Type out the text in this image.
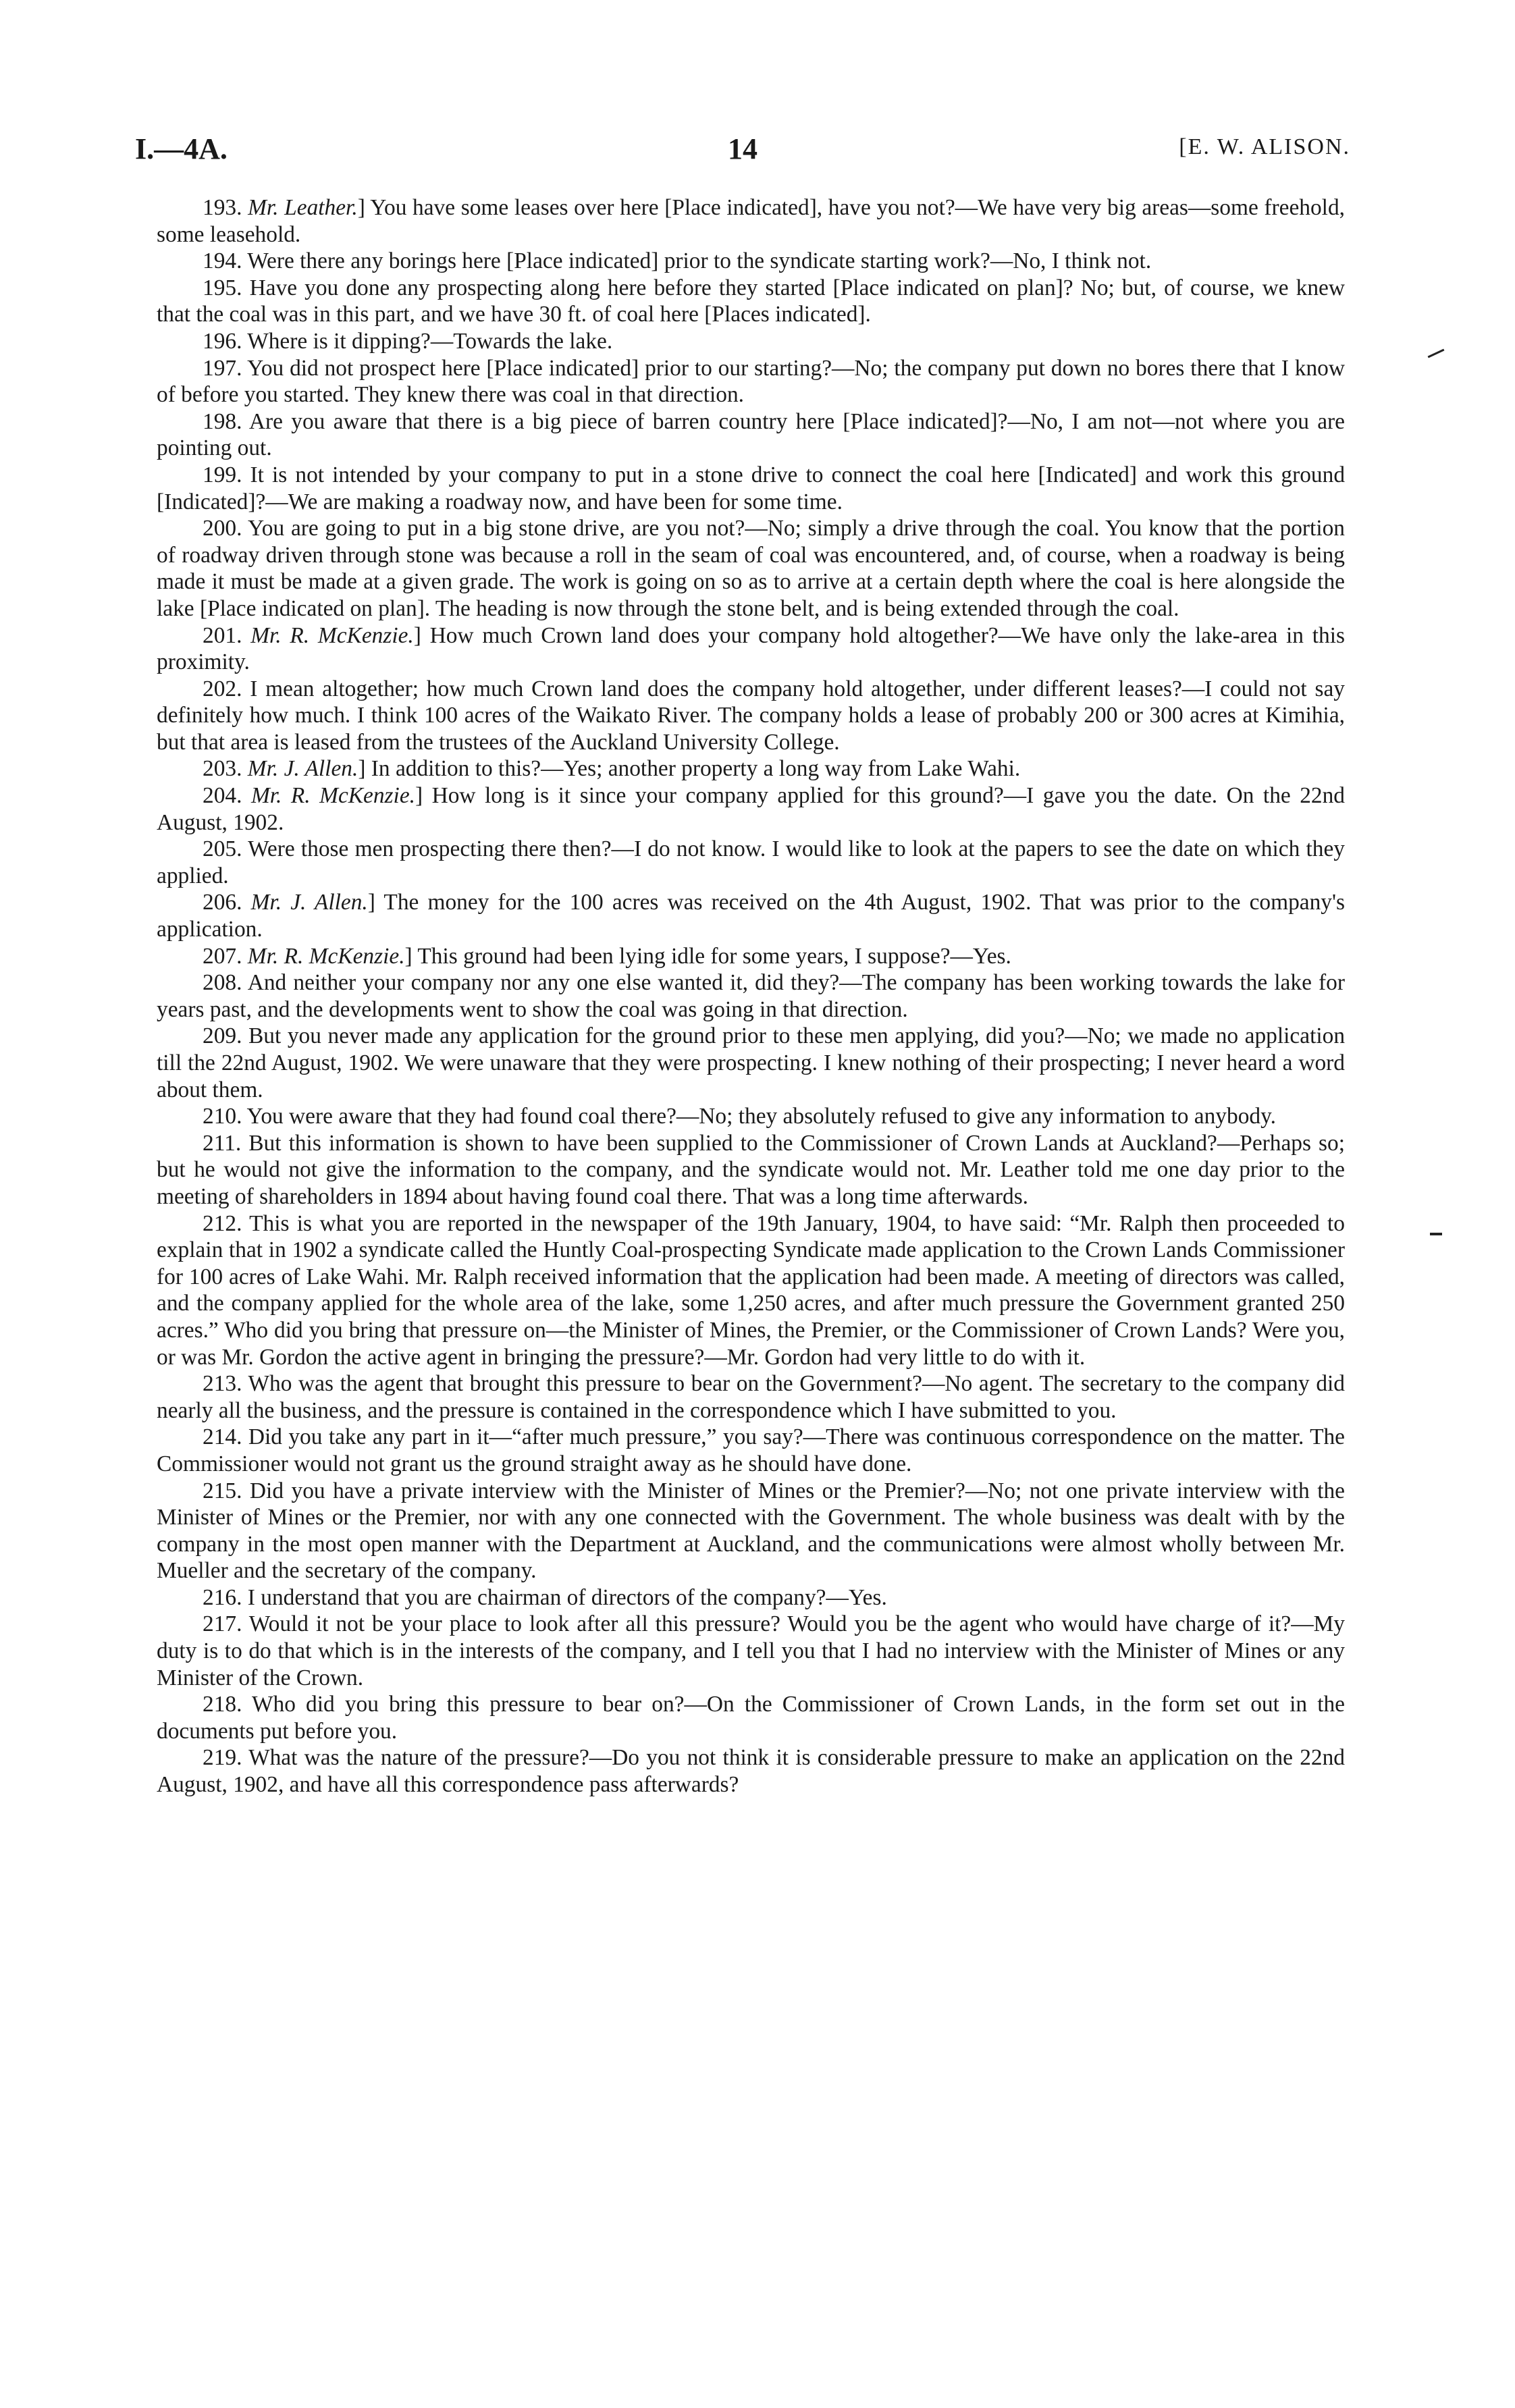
I.—4A.	14	[E. W. ALISON.

193. Mr. Leather.] You have some leases over here [Place indicated], have you not?—We have very big areas—some freehold, some leasehold.

194. Were there any borings here [Place indicated] prior to the syndicate starting work?—No, I think not.

195. Have you done any prospecting along here before they started [Place indicated on plan]? No; but, of course, we knew that the coal was in this part, and we have 30 ft. of coal here [Places indicated].

196. Where is it dipping?—Towards the lake.

197. You did not prospect here [Place indicated] prior to our starting?—No; the company put down no bores there that I know of before you started. They knew there was coal in that direction.

198. Are you aware that there is a big piece of barren country here [Place indicated]?—No, I am not—not where you are pointing out.

199. It is not intended by your company to put in a stone drive to connect the coal here [Indicated] and work this ground [Indicated]?—We are making a roadway now, and have been for some time.

200. You are going to put in a big stone drive, are you not?—No; simply a drive through the coal. You know that the portion of roadway driven through stone was because a roll in the seam of coal was encountered, and, of course, when a roadway is being made it must be made at a given grade. The work is going on so as to arrive at a certain depth where the coal is here alongside the lake [Place indicated on plan]. The heading is now through the stone belt, and is being extended through the coal.

201. Mr. R. McKenzie.] How much Crown land does your company hold altogether?—We have only the lake-area in this proximity.

202. I mean altogether; how much Crown land does the company hold altogether, under different leases?—I could not say definitely how much. I think 100 acres of the Waikato River. The company holds a lease of probably 200 or 300 acres at Kimihia, but that area is leased from the trustees of the Auckland University College.

203. Mr. J. Allen.] In addition to this?—Yes; another property a long way from Lake Wahi.

204. Mr. R. McKenzie.] How long is it since your company applied for this ground?—I gave you the date. On the 22nd August, 1902.

205. Were those men prospecting there then?—I do not know. I would like to look at the papers to see the date on which they applied.

206. Mr. J. Allen.] The money for the 100 acres was received on the 4th August, 1902. That was prior to the company's application.

207. Mr. R. McKenzie.] This ground had been lying idle for some years, I suppose?—Yes.

208. And neither your company nor any one else wanted it, did they?—The company has been working towards the lake for years past, and the developments went to show the coal was going in that direction.

209. But you never made any application for the ground prior to these men applying, did you?—No; we made no application till the 22nd August, 1902. We were unaware that they were prospecting. I knew nothing of their prospecting; I never heard a word about them.

210. You were aware that they had found coal there?—No; they absolutely refused to give any information to anybody.

211. But this information is shown to have been supplied to the Commissioner of Crown Lands at Auckland?—Perhaps so; but he would not give the information to the company, and the syndicate would not. Mr. Leather told me one day prior to the meeting of shareholders in 1894 about having found coal there. That was a long time afterwards.

212. This is what you are reported in the newspaper of the 19th January, 1904, to have said: “Mr. Ralph then proceeded to explain that in 1902 a syndicate called the Huntly Coal-prospecting Syndicate made application to the Crown Lands Commissioner for 100 acres of Lake Wahi. Mr. Ralph received information that the application had been made. A meeting of directors was called, and the company applied for the whole area of the lake, some 1,250 acres, and after much pressure the Government granted 250 acres.” Who did you bring that pressure on—the Minister of Mines, the Premier, or the Commissioner of Crown Lands? Were you, or was Mr. Gordon the active agent in bringing the pressure?—Mr. Gordon had very little to do with it.

213. Who was the agent that brought this pressure to bear on the Government?—No agent. The secretary to the company did nearly all the business, and the pressure is contained in the correspondence which I have submitted to you.

214. Did you take any part in it—“after much pressure,” you say?—There was continuous correspondence on the matter. The Commissioner would not grant us the ground straight away as he should have done.

215. Did you have a private interview with the Minister of Mines or the Premier?—No; not one private interview with the Minister of Mines or the Premier, nor with any one connected with the Government. The whole business was dealt with by the company in the most open manner with the Department at Auckland, and the communications were almost wholly between Mr. Mueller and the secretary of the company.

216. I understand that you are chairman of directors of the company?—Yes.

217. Would it not be your place to look after all this pressure? Would you be the agent who would have charge of it?—My duty is to do that which is in the interests of the company, and I tell you that I had no interview with the Minister of Mines or any Minister of the Crown.

218. Who did you bring this pressure to bear on?—On the Commissioner of Crown Lands, in the form set out in the documents put before you.

219. What was the nature of the pressure?—Do you not think it is considerable pressure to make an application on the 22nd August, 1902, and have all this correspondence pass afterwards?
